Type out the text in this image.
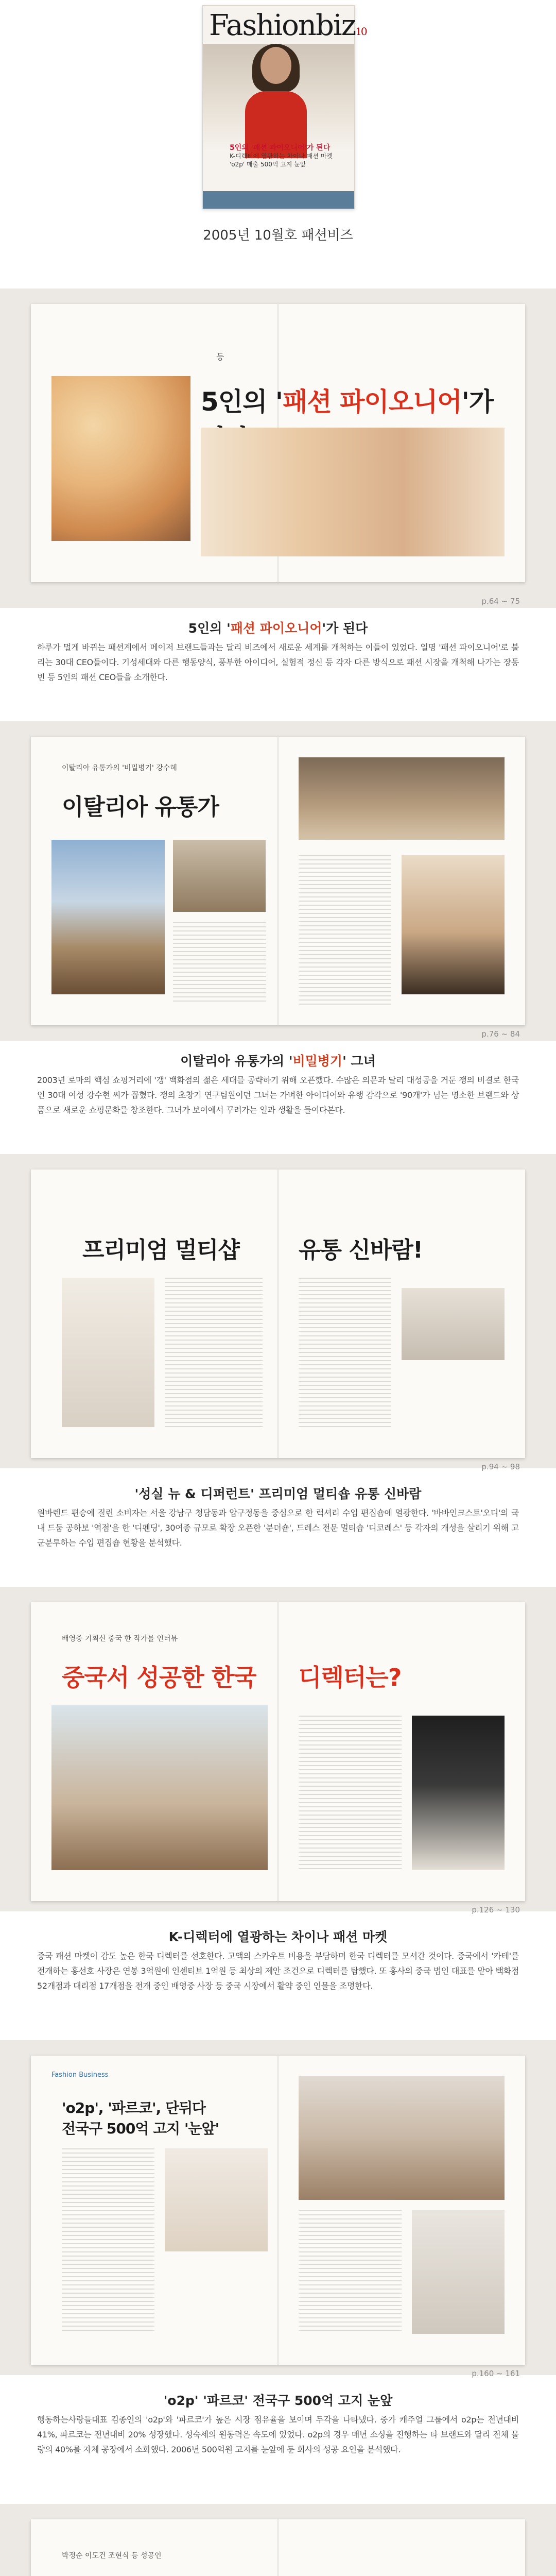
Fashionbiz10
5인의 '패션 파이오니어'가 된다
K-디렉터에 열광하는 차이나 패션 마켓
'o2p' 매출 500억 고지 눈앞
2005년 10월호 패션비즈
등
5인의 '패션 파이오니어'가
p.64 ~ 75
5인의 '패션 파이오니어'가 된다
하루가 멀게 바뀌는 패션계에서 메이저 브랜드들과는 달리 비즈에서 새로운 세계를 개척하는 이들이 있었다. 일명 '패션 파이오니어'로 불리는 30대 CEO들이다. 기성세대와 다른 행동양식, 풍부한 아이디어, 실험적 정신 등 각자 다른 방식으로 패션 시장을 개척해 나가는 장동빈 등 5인의 패션 CEO들을 소개한다.
이탈리아 유통가의 '비밀병기' 강수혜
이탈리아 유통가
p.76 ~ 84
이탈리아 유통가의 '비밀병기' 그녀
2003년 로마의 핵심 쇼핑거리에 '갱' 백화점의 젊은 세대를 공략하기 위해 오픈했다. 수많은 의문과 달리 대성공을 거둔 쟁의 비결로 한국인 30대 여성 강수현 씨가 꼽혔다. 쟁의 초창기 연구팀원이던 그녀는 가벼한 아이디어와 유행 감각으로 '90개'가 넘는 명소한 브랜드와 상품으로 새로운 쇼핑문화를 창조한다. 그녀가 보여에서 꾸려가는 일과 생활을 들여다본다.
프리미엄 멀티샵	유통 신바람!
p.94 ~ 98
'성실 뉴 & 디퍼런트' 프리미엄 멀티숍 유통 신바람
원바렌드 편승에 질린 소비자는 서울 강남구 청담동과 압구정동을 중심으로 한 럭셔리 수입 편집숍에 열광한다. '바바인크스트'오디'의 국내 드둠 공하보 '역점'을 한 '디펜딩', 30여종 규모로 확장 오픈한 '분더숍', 드레스 전문 멀티숍 '디코레스' 등 각자의 개성을 살리기 위해 고군분투하는 수입 편집숍 현황을 분석했다.
배영중 기획신 중국 한 작가를 인터뷰
중국서 성공한 한국 디렉터는?
p.126 ~ 130
K-디렉터에 열광하는 차이나 패션 마켓
중국 패션 마켓이 감도 높은 한국 디렉터를 선호한다. 고액의 스카우트 비용을 부담하며 한국 디렉터를 모셔간 것이다. 중국에서 '카테'를 전개하는 홍선호 사장은 연봉 3억원에 인센티브 1억원 등 최상의 제안 조건으로 디렉터를 탐했다. 또 홍사의 중국 법인 대표를 맡아 백화점 52개점과 대리점 17개점을 전개 중인 배영중 사장 등 중국 시장에서 활약 중인 인물을 조명한다.
Fashion Business
'o2p', '파르코', 단뒤다
전국구 500억 고지 '눈앞'
p.160 ~ 161
'o2p' '파르코' 전국구 500억 고지 눈앞
행동하는사랑들대표 김종인의 'o2p'와 '파르코'가 높은 시장 점유율을 보이며 두각을 나타냈다. 중가 캐주얼 그룹에서 o2p는 전년대비 41%, 파르코는 전년대비 20% 성장했다. 성숙세의 원동력은 속도에 있었다. o2p의 경우 매년 소싱을 진행하는 타 브랜드와 달리 전체 물량의 40%를 자체 공장에서 소화했다. 2006년 500억원 고지를 눈앞에 둔 회사의 성공 요인을 분석했다.
박정순 이도건 조현식 등 성공인
